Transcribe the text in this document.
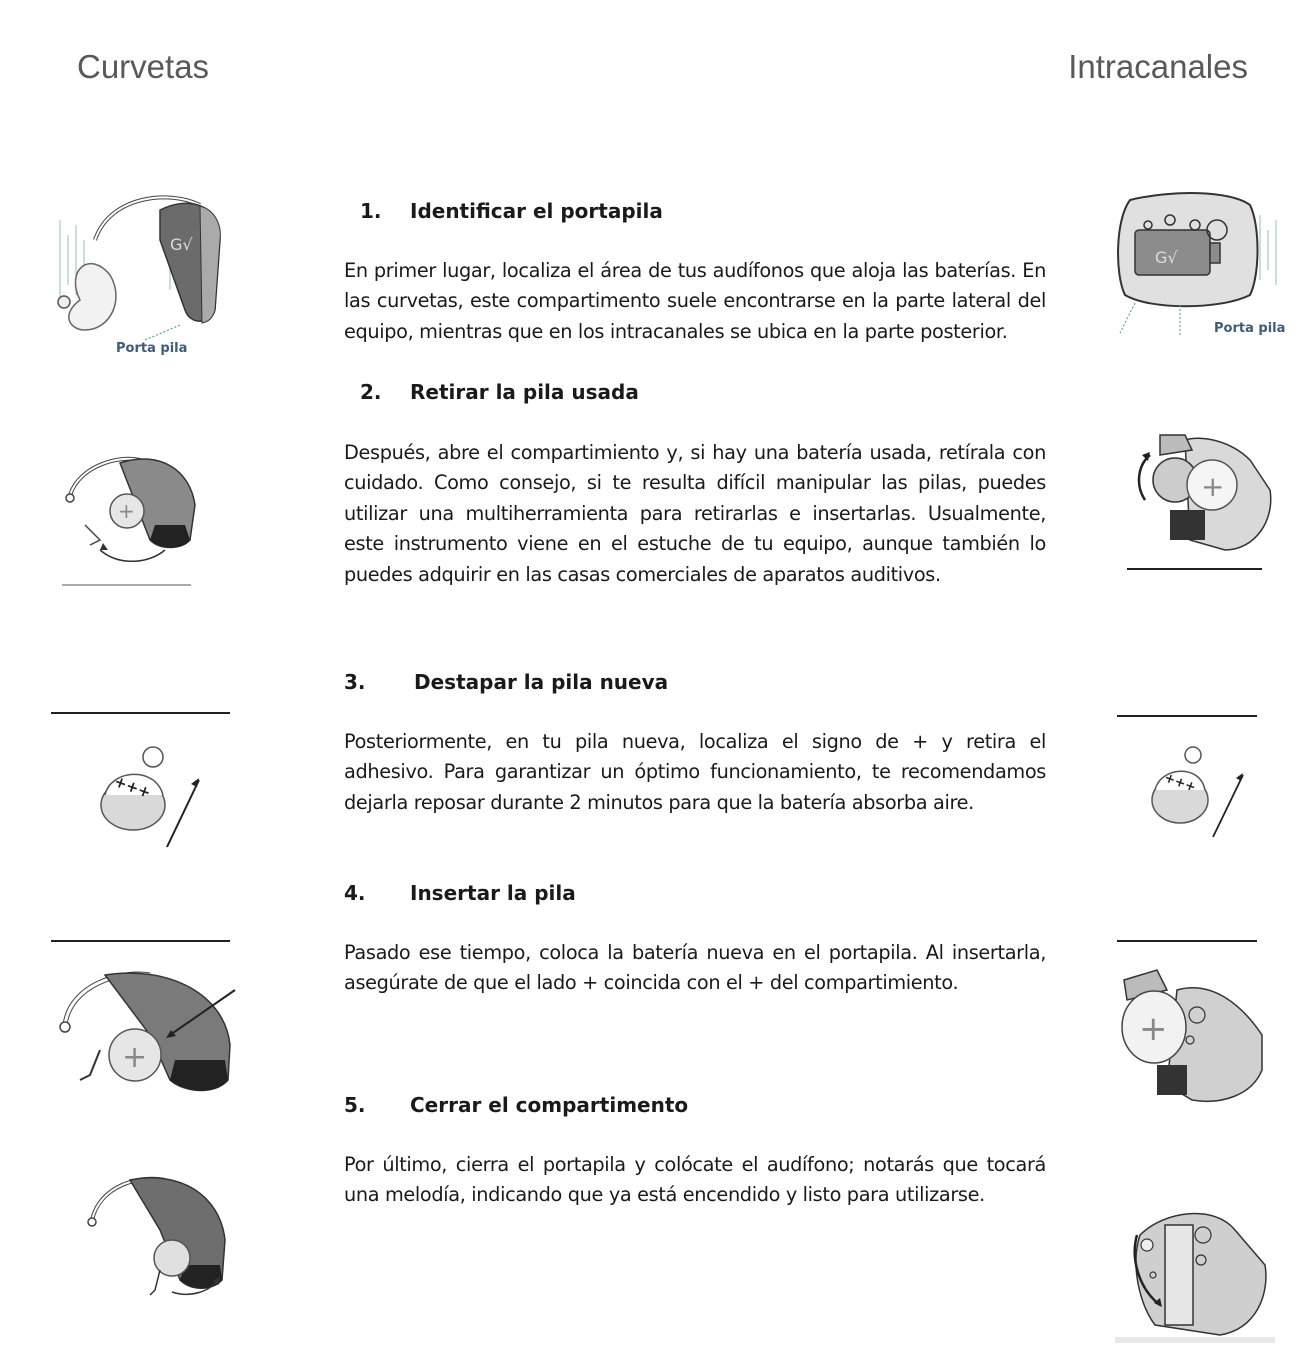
Curvetas	Intracanales
1. Identificar el portapila
En primer lugar, localiza el área de tus audífonos que aloja las baterías. En las curvetas, este compartimento suele encontrarse en la parte lateral del equipo, mientras que en los intracanales se ubica en la parte posterior.
2. Retirar la pila usada
Después, abre el compartimiento y, si hay una batería usada, retírala con cuidado. Como consejo, si te resulta difícil manipular las pilas, puedes utilizar una multiherramienta para retirarlas e insertarlas. Usualmente, este instrumento viene en el estuche de tu equipo, aunque también lo puedes adquirir en las casas comerciales de aparatos auditivos.
3. Destapar la pila nueva
Posteriormente, en tu pila nueva, localiza el signo de + y retira el adhesivo. Para garantizar un óptimo funcionamiento, te recomendamos dejarla reposar durante 2 minutos para que la batería absorba aire.
4. Insertar la pila
Pasado ese tiempo, coloca la batería nueva en el portapila. Al insertarla, asegúrate de que el lado + coincida con el + del compartimiento.
5. Cerrar el compartimento
Por último, cierra el portapila y colócate el audífono; notarás que tocará una melodía, indicando que ya está encendido y listo para utilizarse.
G√
Porta pila
+
+++
+
G√
Porta pila
+
+++
+
